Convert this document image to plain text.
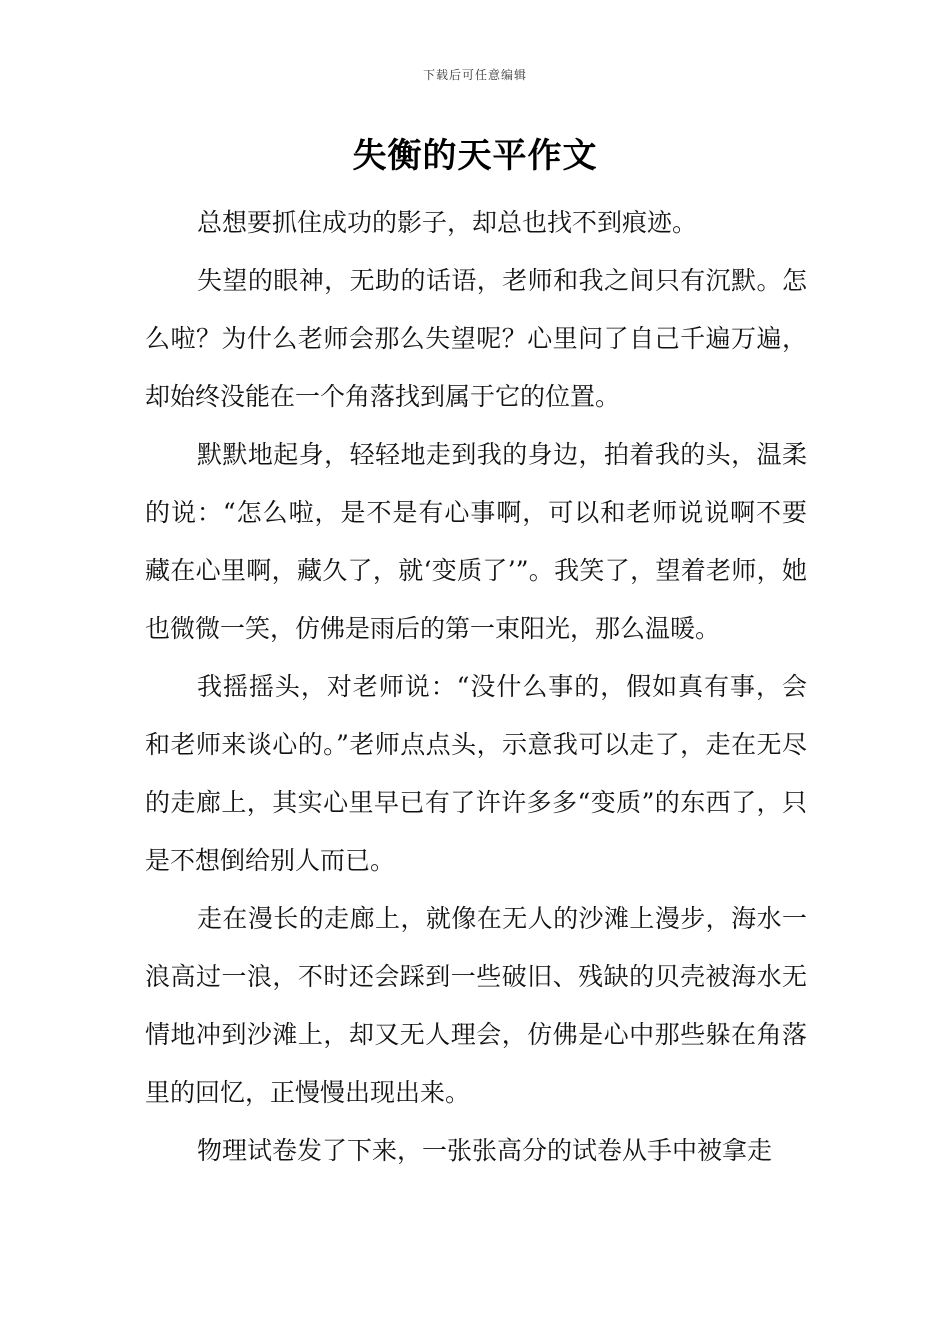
下载后可任意编辑
失衡的天平作文

总想要抓住成功的影子，却总也找不到痕迹。

失望的眼神，无助的话语，老师和我之间只有沉默。怎么啦？为什么老师会那么失望呢？心里问了自己千遍万遍，却始终没能在一个角落找到属于它的位置。

默默地起身，轻轻地走到我的身边，拍着我的头，温柔的说：“怎么啦，是不是有心事啊，可以和老师说说啊不要藏在心里啊，藏久了，就‘变质了’”。我笑了，望着老师，她也微微一笑，仿佛是雨后的第一束阳光，那么温暖。

我摇摇头，对老师说：“没什么事的，假如真有事，会和老师来谈心的。”老师点点头，示意我可以走了，走在无尽的走廊上，其实心里早已有了许许多多“变质”的东西了，只是不想倒给别人而已。

走在漫长的走廊上，就像在无人的沙滩上漫步，海水一浪高过一浪，不时还会踩到一些破旧、残缺的贝壳被海水无情地冲到沙滩上，却又无人理会，仿佛是心中那些躲在角落里的回忆，正慢慢出现出来。

物理试卷发了下来，一张张高分的试卷从手中被拿走
